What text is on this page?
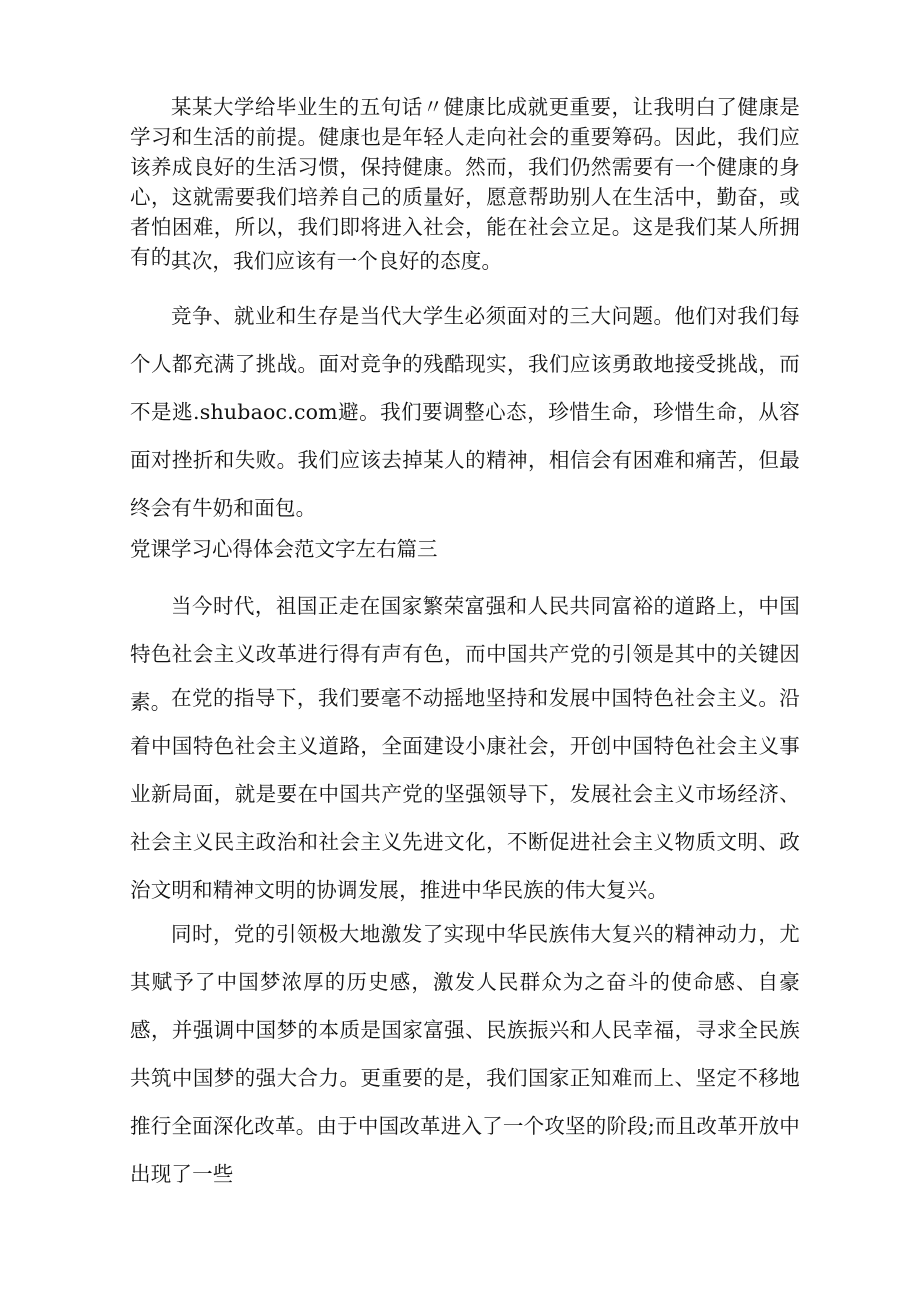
某某大学给毕业生的五句话〃健康比成就更重要，让我明白了健康是学习和生活的前提。健康也是年轻人走向社会的重要筹码。因此，我们应该养成良好的生活习惯，保持健康。然而，我们仍然需要有一个健康的身心，这就需要我们培养自己的质量好，愿意帮助别人在生活中，勤奋，或者怕困难，所以，我们即将进入社会，能在社会立足。这是我们某人所拥有的。

其次，我们应该有一个良好的态度。

竞争、就业和生存是当代大学生必须面对的三大问题。他们对我们每个人都充满了挑战。面对竞争的残酷现实，我们应该勇敢地接受挑战，而不是逃.shubaoc.com避。我们要调整心态，珍惜生命，珍惜生命，从容面对挫折和失败。我们应该去掉某人的精神，相信会有困难和痛苦，但最终会有牛奶和面包。

党课学习心得体会范文字左右篇三

当今时代，祖国正走在国家繁荣富强和人民共同富裕的道路上，中国特色社会主义改革进行得有声有色，而中国共产党的引领是其中的关键因素。 在党的指导下，我们要毫不动摇地坚持和发展中国特色社会主义。沿着中国特色社会主义道路，全面建设小康社会，开创中国特色社会主义事业新局面，就是要在中国共产党的坚强领导下，发展社会主义市场经济、社会主义民主政治和社会主义先进文化，不断促进社会主义物质文明、政治文明和精神文明的协调发展，推进中华民族的伟大复兴。

同时，党的引领极大地激发了实现中华民族伟大复兴的精神动力，尤其赋予了中国梦浓厚的历史感，激发人民群众为之奋斗的使命感、自豪感，并强调中国梦的本质是国家富强、民族振兴和人民幸福，寻求全民族共筑中国梦的强大合力。更重要的是，我们国家正知难而上、坚定不移地推行全面深化改革。由于中国改革进入了一个攻坚的阶段;而且改革开放中出现了一些
